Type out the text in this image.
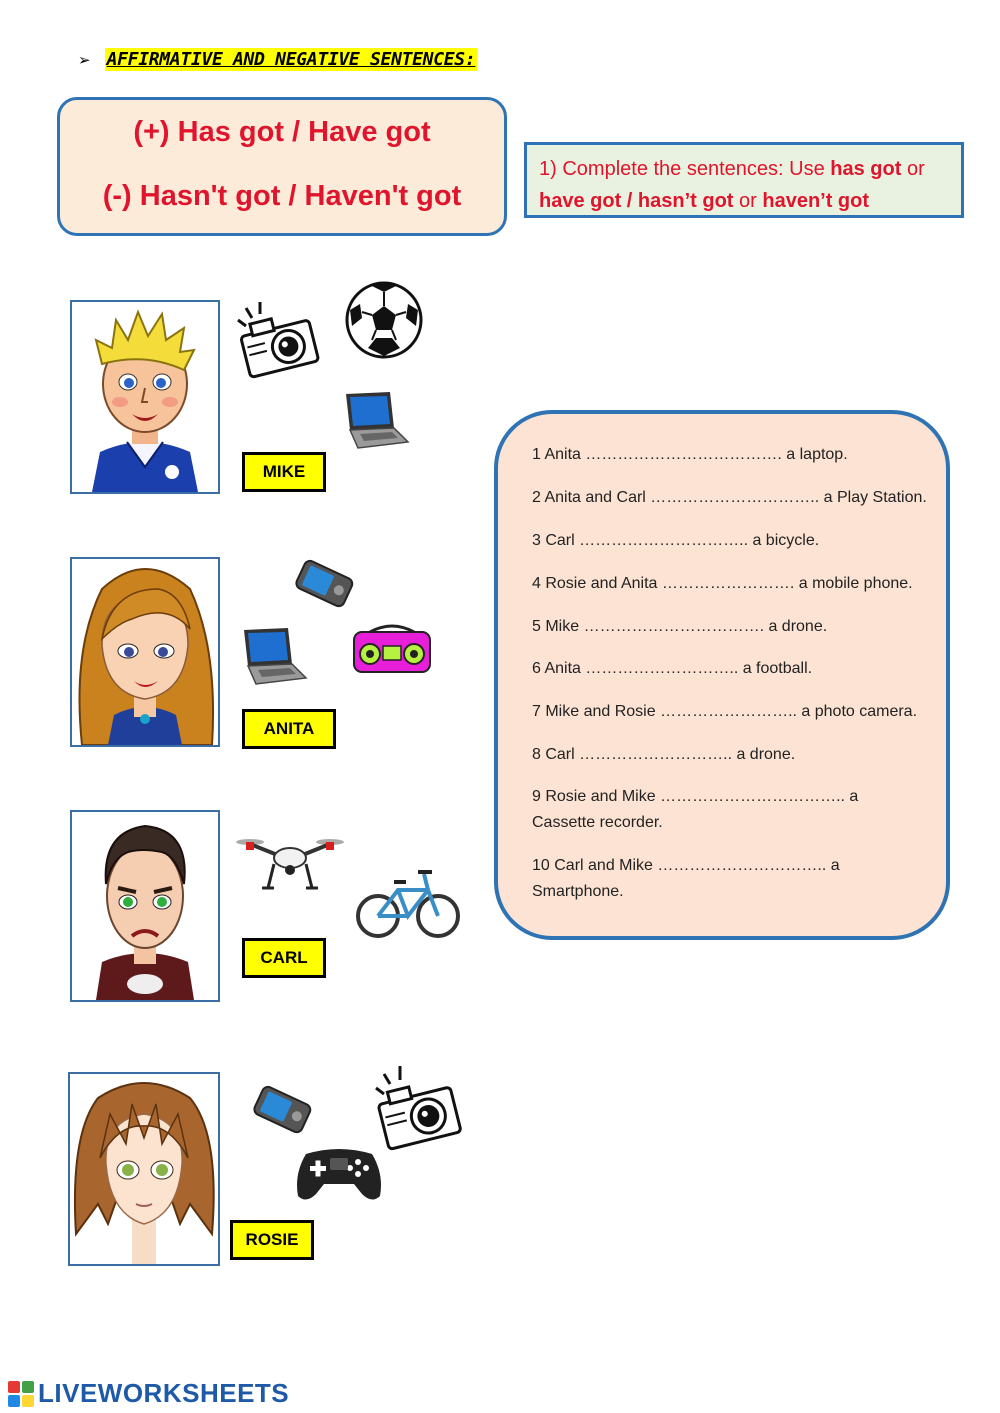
➢ AFFIRMATIVE AND NEGATIVE SENTENCES:
(+) Has got / Have got
(-) Hasn't got / Haven't got
1) Complete the sentences: Use has got or have got / hasn’t got or haven’t got
MIKE
ANITA
CARL
ROSIE
1 Anita ………………………………. a laptop.
2 Anita and Carl ………………………….. a Play Station.
3 Carl ………………………….. a bicycle.
4 Rosie and Anita ……………………. a mobile phone.
5 Mike ……………………………. a drone.
6 Anita ……………………….. a football.
7 Mike and Rosie …………………….. a photo camera.
8 Carl ……………………….. a drone.
9 Rosie and Mike …………………………….. a Cassette recorder.
10 Carl and Mike ………………………….. a Smartphone.
LIVEWORKSHEETS
